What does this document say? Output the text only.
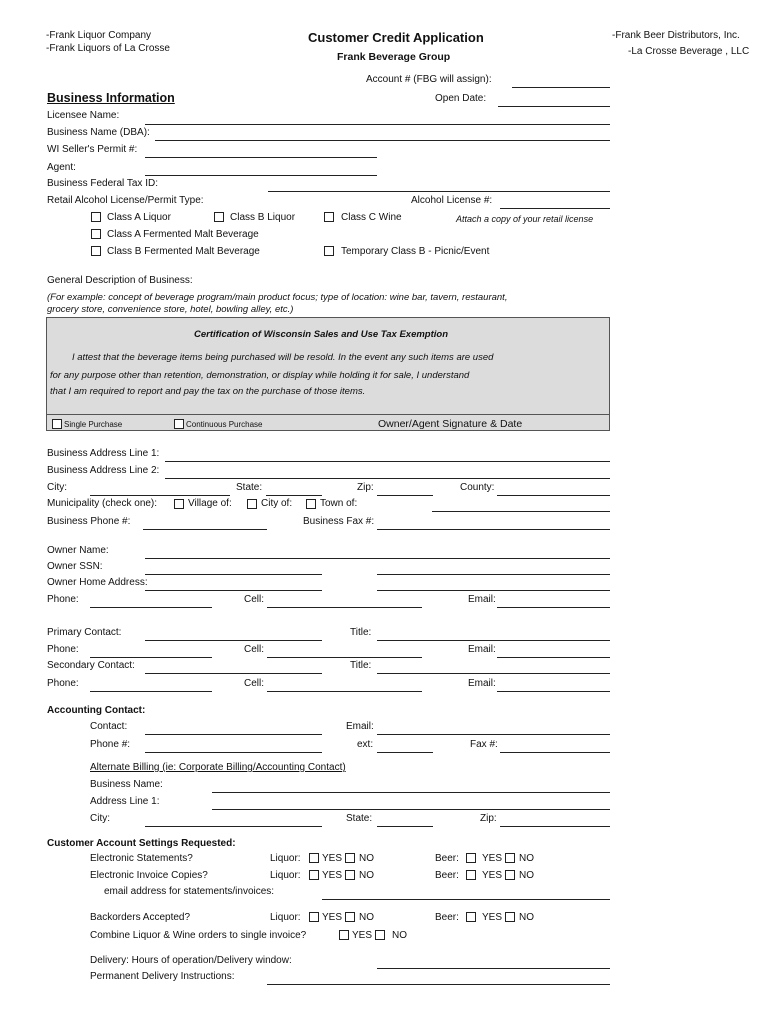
-Frank Liquor Company
-Frank Liquors of La Crosse
Customer Credit Application
Frank Beverage Group
-Frank Beer Distributors, Inc.
-La Crosse Beverage , LLC
Account # (FBG will assign):
Business Information	Open Date:
Licensee Name:
Business Name (DBA):
WI Seller's Permit #:
Agent:
Business Federal Tax ID:
Retail Alcohol License/Permit Type:	Alcohol License #:
Class A Liquor	Class B Liquor	Class C Wine	Attach a copy of your retail license
Class A Fermented Malt Beverage
Class B Fermented Malt Beverage	Temporary Class B - Picnic/Event
General Description of Business:
(For example: concept of beverage program/main product focus; type of location: wine bar, tavern, restaurant,
grocery store, convenience store, hotel, bowling alley, etc.)
Certification of Wisconsin Sales and Use Tax Exemption
I attest that the beverage items being purchased will be resold. In the event any such items are used
for any purpose other than retention, demonstration, or display while holding it for sale, I understand
that I am required to report and pay the tax on the purchase of those items.
Single Purchase	Continuous Purchase	Owner/Agent Signature & Date
Business Address Line 1:
Business Address Line 2:
City:	State:	Zip:	County:
Municipality (check one):	Village of:	City of:	Town of:
Business Phone #:	Business Fax #:
Owner Name:
Owner SSN:
Owner Home Address:
Phone:	Cell:	Email:
Primary Contact:	Title:
Phone:	Cell:	Email:
Secondary Contact:	Title:
Phone:	Cell:	Email:
Accounting Contact:
Contact:	Email:
Phone #:	ext:	Fax #:
Alternate Billing (ie: Corporate Billing/Accounting Contact)
Business Name:
Address Line 1:
City:	State:	Zip:
Customer Account Settings Requested:
Electronic Statements?	Liquor: YES NO	Beer: YES NO
Electronic Invoice Copies?	Liquor: YES NO	Beer: YES NO
email address for statements/invoices:
Backorders Accepted?	Liquor: YES NO	Beer: YES NO
Combine Liquor & Wine orders to single invoice?	YES NO
Delivery: Hours of operation/Delivery window:
Permanent Delivery Instructions:
